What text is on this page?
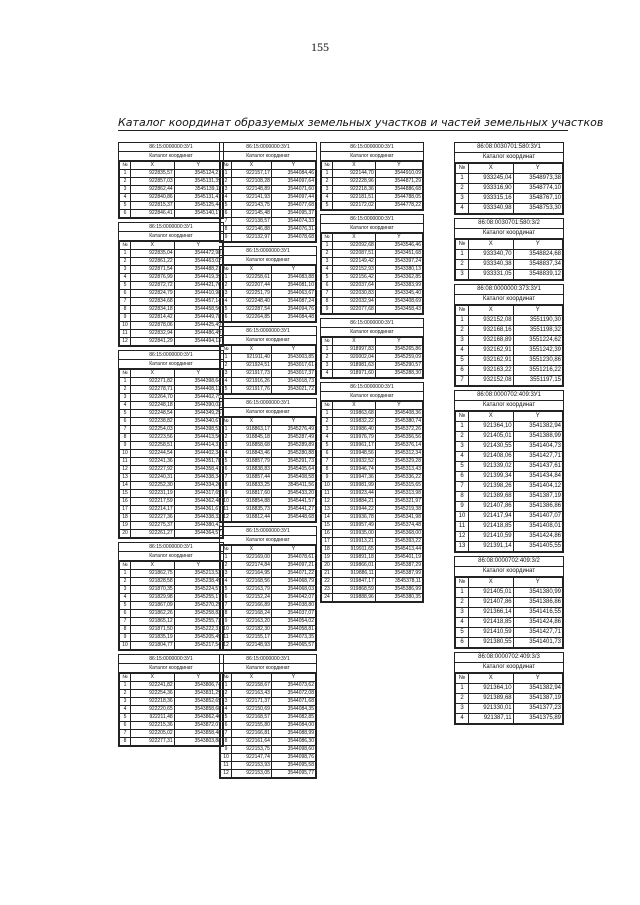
155
Каталог координат образуемых земельных участков и частей земельных участков
86:15:0000000:3У1
Каталог координат
№	X	Y
1	922835,57	3545124,21
2	922857,03	3545131,39
3	922862,44	3545139,11
4	922840,86	3545131,41
5	922815,37	3545125,44
6	922846,41	3545140,17
86:15:0000000:3У1
Каталог координат
№	X	Y
1	922835,04	3544472,98
2	922861,22	3544463,02
3	922871,54	3544488,21
4	922876,99	3544419,39
5	922872,72	3544421,70
6	922824,79	3544410,98
7	922834,68	3544457,14
8	922834,18	3544458,56
9	922814,42	3544449,78
10	922878,06	3544425,49
11	922832,94	3544486,49
12	922841,29	3544494,13
86:15:0000000:3У1
Каталог координат
№	X	Y
1	922271,82	3544398,64
2	922278,71	3544408,13
3	922264,70	3544402,75
4	922248,18	3544390,03
5	922248,54	3544349,25
6	922238,82	3544340,67
7	922254,03	3544398,53
8	922223,56	3544413,56
9	922258,51	3544414,31
10	922244,54	3544402,34
11	922241,36	3544351,78
12	922227,92	3544358,41
13	922240,31	3544338,34
14	922252,30	3544334,26
15	922231,19	3544317,69
16	922217,59	3544362,48
17	922214,17	3544361,67
18	922227,36	3544338,32
19	922275,37	3544380,41
20	922261,27	3544364,57
86:15:0000000:3У1
Каталог координат
№	X	Y
1	921862,75	3545213,53
2	921828,58	3545238,49
3	921870,35	3545224,57
4	921829,98	3545255,17
5	921867,09	3545270,25
6	921862,26	3545258,83
7	921865,12	3545255,73
8	921871,50	3545222,31
9	921835,19	3545205,49
10	921804,77	3545217,54
86:15:0000000:3У1
Каталог координат
№	X	Y
1	922241,82	3543806,74
2	922254,36	3543831,29
3	922218,36	3543852,69
4	922220,65	3543858,68
5	922211,48	3543862,46
6	922215,36	3543872,07
7	922205,02	3543858,48
8	922277,31	3543803,88
86:15:0000000:3У1
Каталог координат
№	X	Y
1	922157,17	3544084,46
2	922108,28	3544097,64
3	922148,89	3544071,60
4	922141,93	3544097,44
5	922143,75	3544077,68
6	922145,48	3544095,37
7	922138,57	3544074,33
8	922146,88	3544076,31
9	922132,97	3544078,68
86:15:0000000:3У1
Каталог координат
№	X	Y
1	922258,61	3544083,88
2	922207,44	3544081,10
3	922251,79	3544063,67
4	922248,40	3544087,24
5	922287,54	3544094,76
6	922264,85	3544084,48
86:15:0000000:3У1
Каталог координат
№	X	Y
1	921911,40	3543003,85
2	921924,51	3543017,61
3	921917,73	3543017,37
4	921916,26	3543018,73
5	921917,76	3543021,72
86:15:0000000:3У1
Каталог координат
№	X	Y
1	918863,17	3545276,49
2	918845,18	3545287,49
3	918858,68	3545289,89
4	918843,46	3545280,88
5	918857,79	3545291,73
6	918838,83	3545405,64
7	918857,44	3545408,58
8	918833,25	3545411,56
9	918817,60	3545433,20
10	918854,88	3545441,57
11	918835,73	3545441,27
12	918812,44	3545448,68
86:15:0000000:3У1
Каталог координат
№	X	Y
1	922169,00	3544078,61
2	922174,84	3544097,21
3	922164,95	3544071,22
4	922168,56	3544068,79
5	922163,79	3544068,03
6	922152,24	3544042,07
7	922166,89	3544038,80
8	922168,24	3544037,07
9	922163,20	3544054,02
10	922182,30	3544058,81
11	922155,17	3544073,35
12	922148,93	3544065,57
86:15:0000000:3У1
Каталог координат
№	X	Y
1	922158,67	3544073,62
2	922163,43	3544072,08
3	922171,37	3544071,68
4	922150,69	3544084,35
5	922168,57	3544082,85
6	922155,80	3544084,00
7	922166,81	3544088,99
8	922161,64	3544086,30
9	922153,75	3544098,60
10	922147,74	3544098,76
11	922153,93	3544095,58
12	922153,05	3544095,77
86:15:0000000:3У1
Каталог координат
№	X	Y
1	922144,70	3544910,09
2	922228,96	3544871,29
3	922218,36	3544886,68
4	922181,51	3544788,05
5	922172,02	3544778,22
86:15:0000000:3У1
Каталог координат
№	X	Y
1	922092,68	3543546,46
2	922087,51	3543451,68
3	922149,42	3543397,24
4	922152,93	3543380,13
5	922156,42	3543362,85
6	922037,64	3543383,99
7	922030,83	3543345,40
8	922032,94	3543408,69
9	922077,68	3543458,43
86:15:0000000:3У1
Каталог координат
№	X	Y
1	918997,83	3545265,86
2	920002,04	3545259,09
3	918981,63	3545290,57
4	918971,60	3545288,30
86:15:0000000:3У1
Каталог координат
№	X	Y
1	919863,68	3545408,36
2	919832,22	3545380,74
3	919986,40	3545372,26
4	919976,79	3545356,56
5	919961,17	3545376,14
6	919948,56	3545312,34
7	919932,52	3545329,28
8	919946,74	3545313,43
9	919947,36	3545336,22
10	919981,99	3545315,65
11	919923,44	3545313,98
12	919884,21	3545321,97
13	919944,22	3545219,38
14	919936,78	3545341,98
15	919957,49	3545374,48
16	919935,00	3545368,00
17	919913,21	3545393,22
18	919911,65	3545413,44
19	919891,18	3545401,19
20	919866,01	3545387,29
21	919886,11	3545387,99
22	919847,17	3545378,11
23	919868,59	3545386,99
24	919888,96	3545380,35
86:08:0030701:580:3У1
Каталог координат
№	X	Y
1	933245,04	3548973,38
2	933316,90	3548774,10
3	933315,16	3548767,10
4	933340,98	3548753,30
86:08:0030701:580:3/2
Каталог координат
№	X	Y
1	933340,70	3548824,68
2	933340,38	3548837,34
3	933331,05	3548839,12
86:08:0000000:373:3У1
Каталог координат
№	X	Y
1	932152,08	3551190,30
2	932168,16	3551198,32
3	932168,89	3551224,62
4	932162,91	3551242,39
5	932162,91	3551230,86
6	932163,22	3551216,22
7	932152,08	3551197,15
86:08:0000702:409:3У1
Каталог координат
№	X	Y
1	921364,10	3541382,94
2	921405,01	3541388,99
3	921430,55	3541404,73
4	921408,06	3541427,71
5	921339,02	3541437,61
6	921399,34	3541434,84
7	921398,26	3541404,12
8	921389,68	3541387,19
9	921407,86	3541386,86
10	921417,94	3541407,07
11	921418,85	3541408,01
12	921410,59	3541424,86
13	921391,14	3541405,55
86:08:0000702:409:3/2
Каталог координат
№	X	Y
1	921405,01	3541380,99
2	921407,86	3541386,86
3	921366,14	3541416,55
4	921418,85	3541424,86
5	921410,59	3541427,71
6	921380,55	3541401,73
86:08:0000702:409:3/3
Каталог координат
№	X	Y
1	921364,10	3541382,94
2	921389,68	3541387,19
3	921330,01	3541377,23
4	921387,11	3541375,89
